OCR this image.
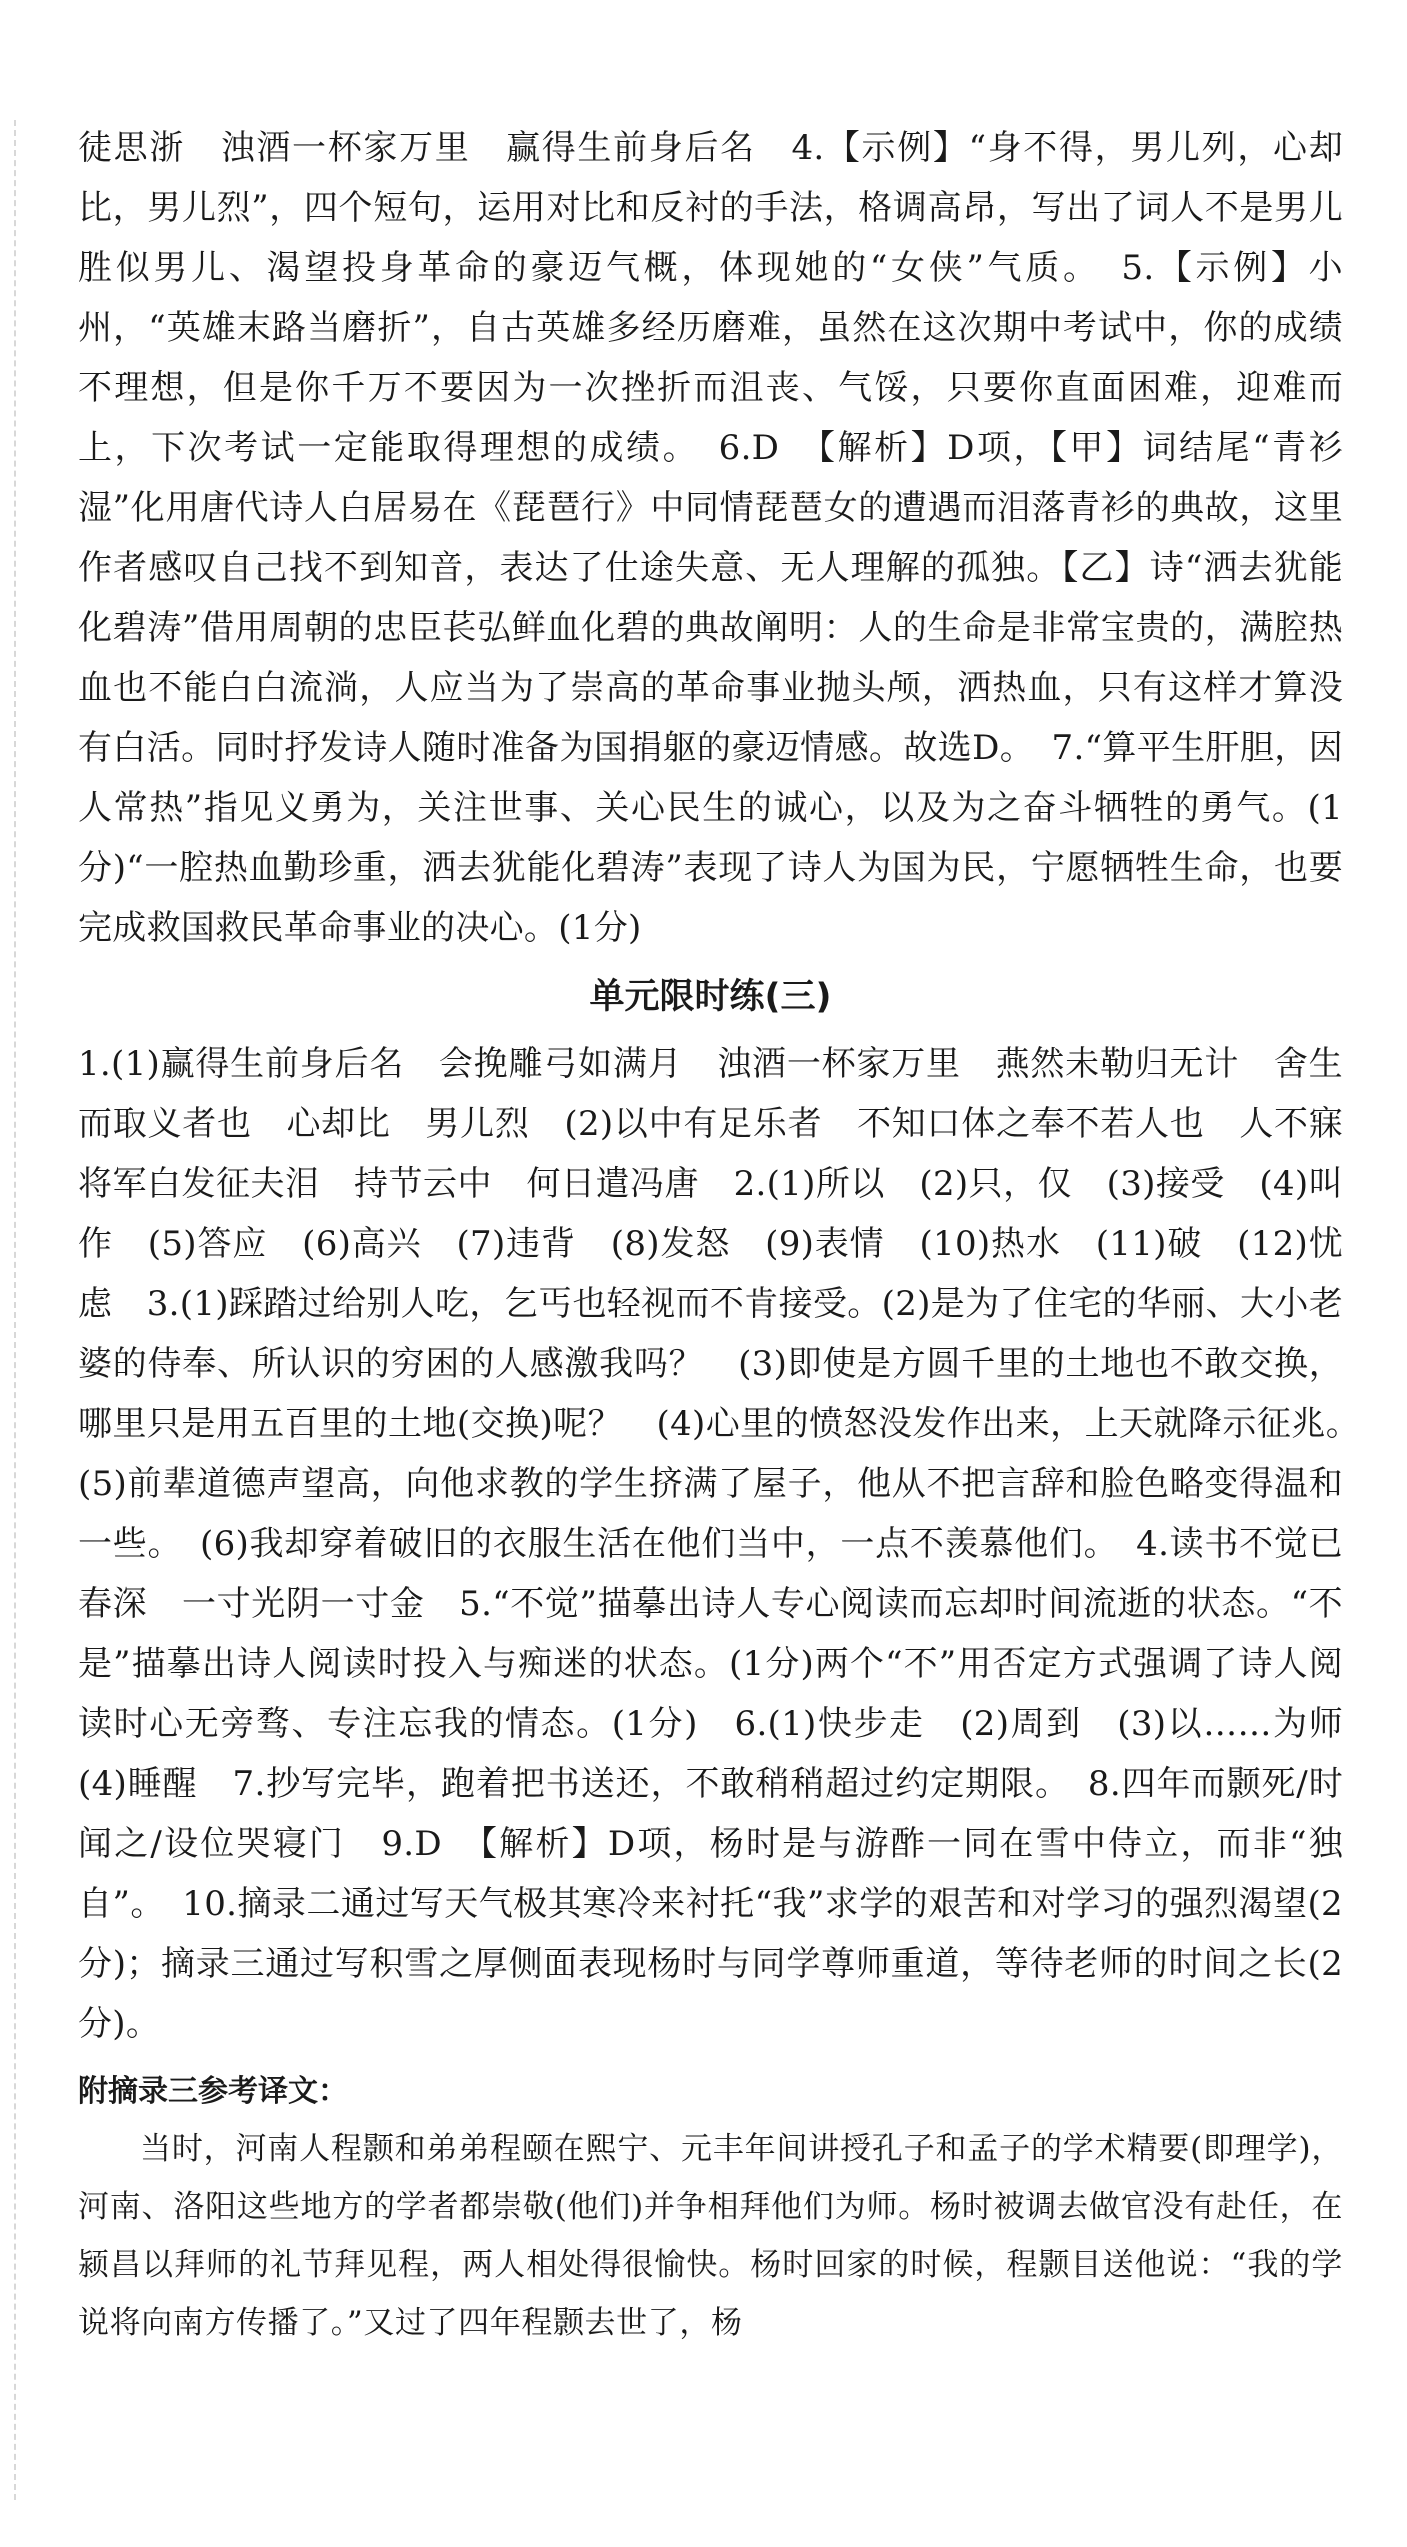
徒思浙　浊酒一杯家万里　赢得生前身后名　4.【示例】“身不得，男儿列，心却比，男儿烈”，四个短句，运用对比和反衬的手法，格调高昂，写出了词人不是男儿胜似男儿、渴望投身革命的豪迈气概，体现她的“女侠”气质。　5.【示例】小州，“英雄末路当磨折”，自古英雄多经历磨难，虽然在这次期中考试中，你的成绩不理想，但是你千万不要因为一次挫折而沮丧、气馁，只要你直面困难，迎难而上，下次考试一定能取得理想的成绩。　6.D　【解析】D项，【甲】词结尾“青衫湿”化用唐代诗人白居易在《琵琶行》中同情琵琶女的遭遇而泪落青衫的典故，这里作者感叹自己找不到知音，表达了仕途失意、无人理解的孤独。【乙】诗“洒去犹能化碧涛”借用周朝的忠臣苌弘鲜血化碧的典故阐明：人的生命是非常宝贵的，满腔热血也不能白白流淌，人应当为了崇高的革命事业抛头颅，洒热血，只有这样才算没有白活。同时抒发诗人随时准备为国捐躯的豪迈情感。故选D。　7.“算平生肝胆，因人常热”指见义勇为，关注世事、关心民生的诚心，以及为之奋斗牺牲的勇气。(1分)“一腔热血勤珍重，洒去犹能化碧涛”表现了诗人为国为民，宁愿牺牲生命，也要完成救国救民革命事业的决心。(1分)

单元限时练(三)

1.(1)赢得生前身后名　会挽雕弓如满月　浊酒一杯家万里　燕然未勒归无计　舍生而取义者也　心却比　男儿烈　(2)以中有足乐者　不知口体之奉不若人也　人不寐　将军白发征夫泪　持节云中　何日遣冯唐　2.(1)所以　(2)只，仅　(3)接受　(4)叫作　(5)答应　(6)高兴　(7)违背　(8)发怒　(9)表情　(10)热水　(11)破　(12)忧虑　3.(1)踩踏过给别人吃，乞丐也轻视而不肯接受。(2)是为了住宅的华丽、大小老婆的侍奉、所认识的穷困的人感激我吗？　(3)即使是方圆千里的土地也不敢交换，哪里只是用五百里的土地(交换)呢？　(4)心里的愤怒没发作出来，上天就降示征兆。　(5)前辈道德声望高，向他求教的学生挤满了屋子，他从不把言辞和脸色略变得温和一些。　(6)我却穿着破旧的衣服生活在他们当中，一点不羡慕他们。　4.读书不觉已春深　一寸光阴一寸金　5.“不觉”描摹出诗人专心阅读而忘却时间流逝的状态。“不是”描摹出诗人阅读时投入与痴迷的状态。(1分)两个“不”用否定方式强调了诗人阅读时心无旁骛、专注忘我的情态。(1分)　6.(1)快步走　(2)周到　(3)以……为师　(4)睡醒　7.抄写完毕，跑着把书送还，不敢稍稍超过约定期限。　8.四年而颢死/时闻之/设位哭寝门　9.D　【解析】D项，杨时是与游酢一同在雪中侍立，而非“独自”。　10.摘录二通过写天气极其寒冷来衬托“我”求学的艰苦和对学习的强烈渴望(2分)；摘录三通过写积雪之厚侧面表现杨时与同学尊师重道，等待老师的时间之长(2分)。

附摘录三参考译文：

当时，河南人程颢和弟弟程颐在熙宁、元丰年间讲授孔子和孟子的学术精要(即理学)，河南、洛阳这些地方的学者都崇敬(他们)并争相拜他们为师。杨时被调去做官没有赴任，在颍昌以拜师的礼节拜见程，两人相处得很愉快。杨时回家的时候，程颢目送他说：“我的学说将向南方传播了。”又过了四年程颢去世了，杨
